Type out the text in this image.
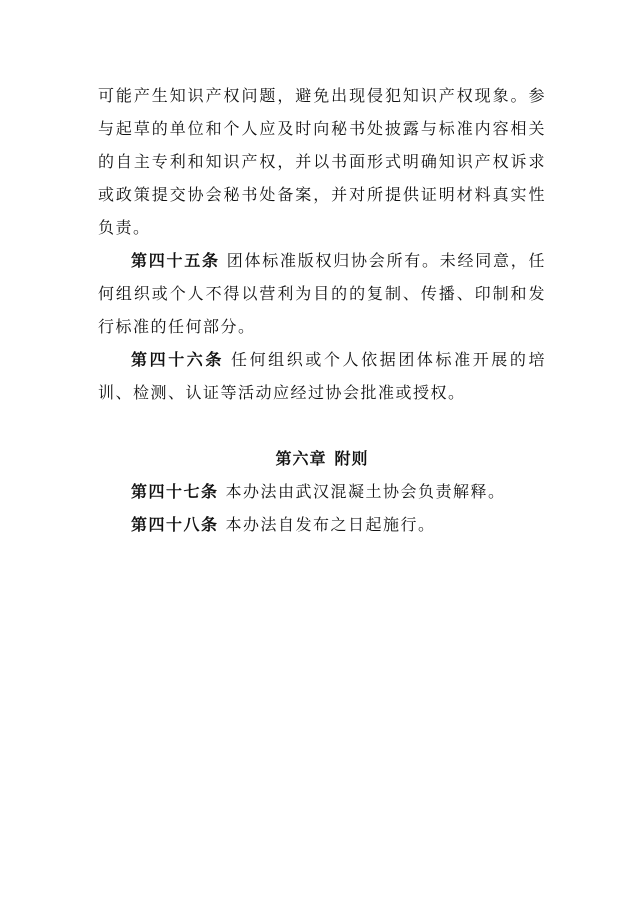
可能产生知识产权问题，避免出现侵犯知识产权现象。参与起草的单位和个人应及时向秘书处披露与标准内容相关的自主专利和知识产权，并以书面形式明确知识产权诉求或政策提交协会秘书处备案，并对所提供证明材料真实性负责。

第四十五条 团体标准版权归协会所有。未经同意，任何组织或个人不得以营利为目的的复制、传播、印制和发行标准的任何部分。

第四十六条 任何组织或个人依据团体标准开展的培训、检测、认证等活动应经过协会批准或授权。

第六章 附则

第四十七条 本办法由武汉混凝土协会负责解释。

第四十八条 本办法自发布之日起施行。
